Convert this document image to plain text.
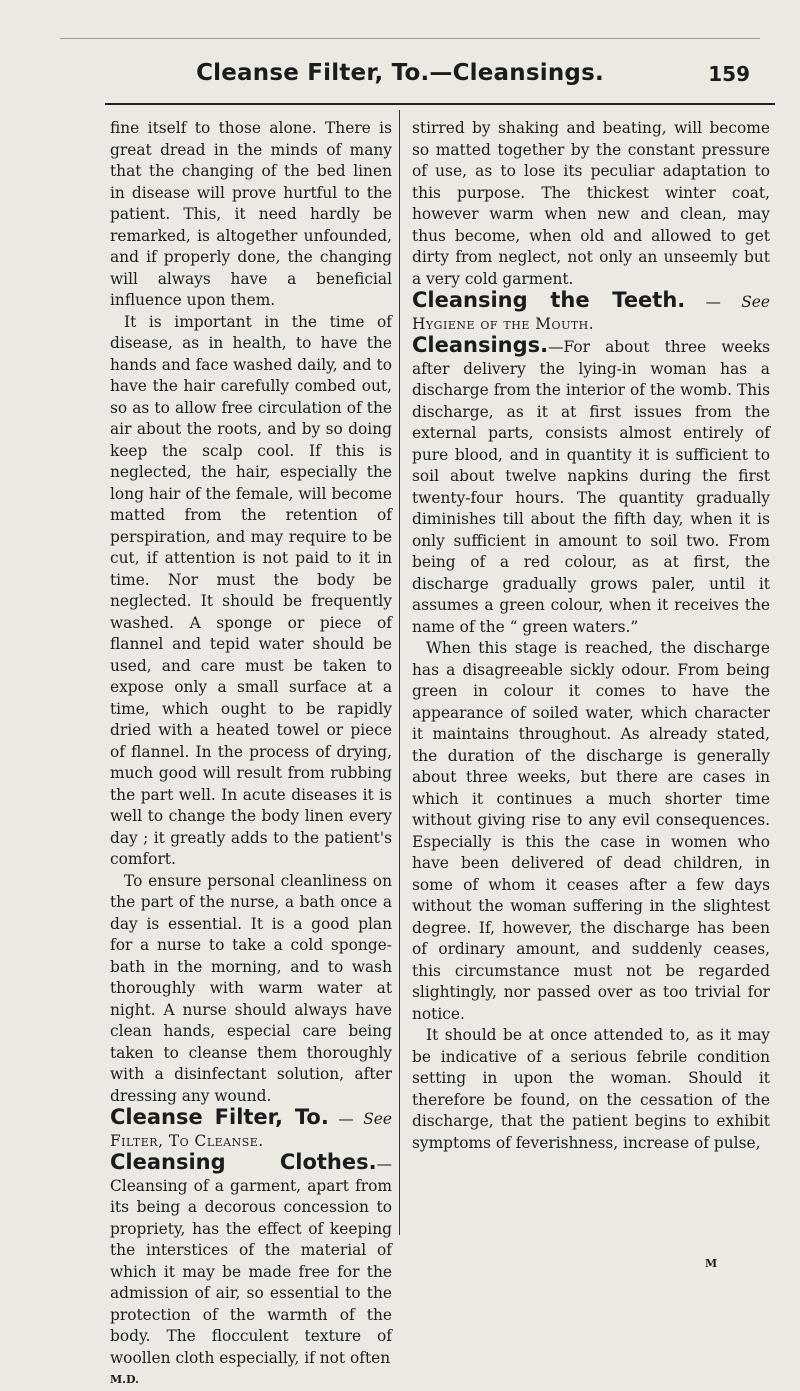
Cleanse Filter, To.—Cleansings.	159

fine itself to those alone. There is great dread in the minds of many that the changing of the bed linen in disease will prove hurtful to the patient. This, it need hardly be remarked, is altogether unfounded, and if properly done, the changing will always have a beneficial influence upon them.

It is important in the time of disease, as in health, to have the hands and face washed daily, and to have the hair carefully combed out, so as to allow free circulation of the air about the roots, and by so doing keep the scalp cool. If this is neglected, the hair, especially the long hair of the female, will become matted from the retention of perspiration, and may require to be cut, if attention is not paid to it in time. Nor must the body be neglected. It should be frequently washed. A sponge or piece of flannel and tepid water should be used, and care must be taken to expose only a small surface at a time, which ought to be rapidly dried with a heated towel or piece of flannel. In the process of drying, much good will result from rubbing the part well. In acute diseases it is well to change the body linen every day ; it greatly adds to the patient's comfort.

To ensure personal cleanliness on the part of the nurse, a bath once a day is essential. It is a good plan for a nurse to take a cold sponge-bath in the morning, and to wash thoroughly with warm water at night. A nurse should always have clean hands, especial care being taken to cleanse them thoroughly with a disinfectant solution, after dressing any wound.

Cleanse Filter, To. — See Filter, To Cleanse.

Cleansing Clothes.—Cleansing of a garment, apart from its being a decorous concession to propriety, has the effect of keeping the interstices of the material of which it may be made free for the admission of air, so essential to the protection of the warmth of the body. The flocculent texture of woollen cloth especially, if not often

M.D.

stirred by shaking and beating, will become so matted together by the constant pressure of use, as to lose its peculiar adaptation to this purpose. The thickest winter coat, however warm when new and clean, may thus become, when old and allowed to get dirty from neglect, not only an unseemly but a very cold garment.

Cleansing the Teeth. — See Hygiene of the Mouth.

Cleansings.—For about three weeks after delivery the lying-in woman has a discharge from the interior of the womb. This discharge, as it at first issues from the external parts, consists almost entirely of pure blood, and in quantity it is sufficient to soil about twelve napkins during the first twenty-four hours. The quantity gradually diminishes till about the fifth day, when it is only sufficient in amount to soil two. From being of a red colour, as at first, the discharge gradually grows paler, until it assumes a green colour, when it receives the name of the “ green waters.”

When this stage is reached, the discharge has a disagreeable sickly odour. From being green in colour it comes to have the appearance of soiled water, which character it maintains throughout. As already stated, the duration of the discharge is generally about three weeks, but there are cases in which it continues a much shorter time without giving rise to any evil consequences. Especially is this the case in women who have been delivered of dead children, in some of whom it ceases after a few days without the woman suffering in the slightest degree. If, however, the discharge has been of ordinary amount, and suddenly ceases, this circumstance must not be regarded slightingly, nor passed over as too trivial for notice.

It should be at once attended to, as it may be indicative of a serious febrile condition setting in upon the woman. Should it therefore be found, on the cessation of the discharge, that the patient begins to exhibit symptoms of feverishness, increase of pulse,

M
